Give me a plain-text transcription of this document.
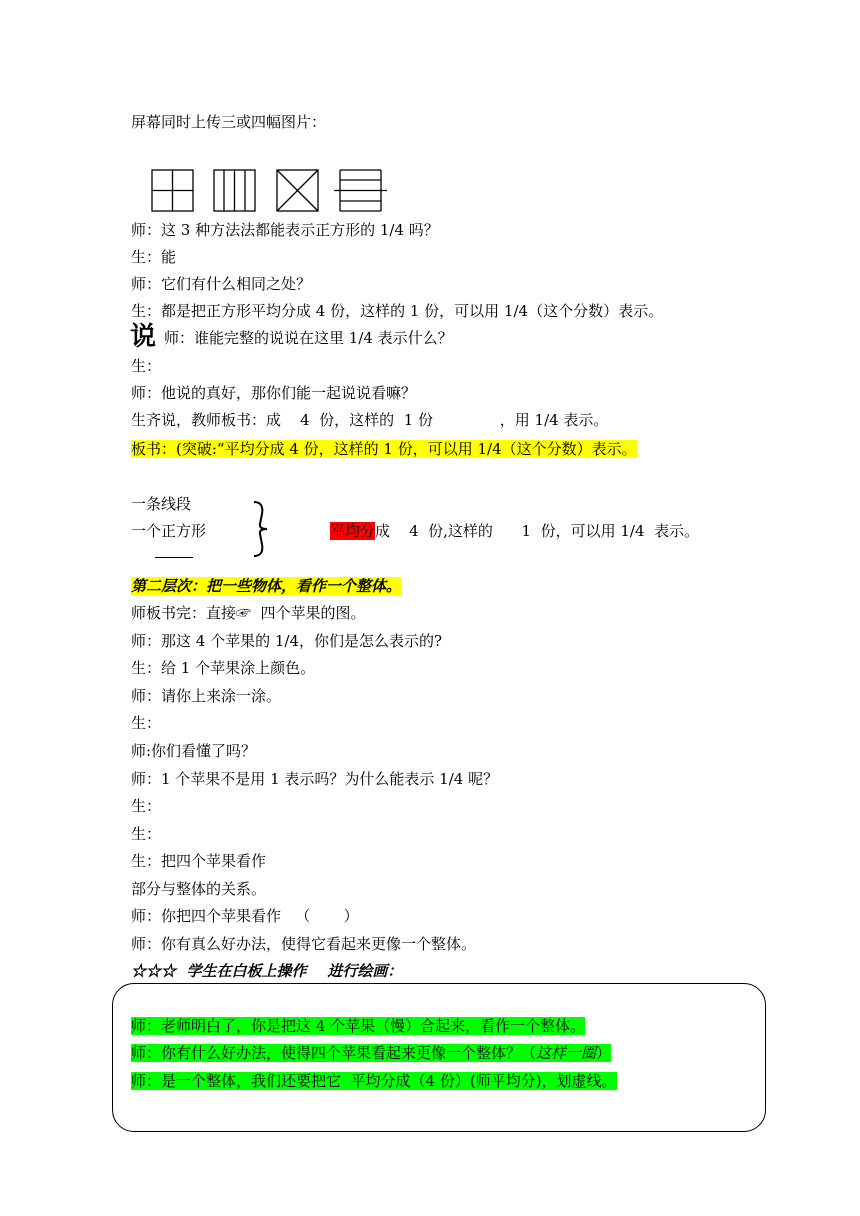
屏幕同时上传三或四幅图片：
师：这 3 种方法法都能表示正方形的 1/4 吗？
生：能
师：它们有什么相同之处？
生：都是把正方形平均分成 4 份，这样的 1 份，可以用 1/4（这个分数）表示。
说 师：谁能完整的说说在这里 1/4 表示什么？
生：
师：他说的真好，那你们能一起说说看嘛？
生齐说，教师板书：成    4  份，这样的  1 份              ，用 1/4 表示。
板书：(突破:“平均分成 4 份，这样的 1 份，可以用 1/4（这个分数）表示。
一条线段
一个正方形	平均分成    4  份,这样的      1  份，可以用 1/4  表示。
第二层次：把一些物体，看作一个整体。
师板书完：直接☞  四个苹果的图。
师：那这 4 个苹果的 1/4，你们是怎么表示的?
生：给 1 个苹果涂上颜色。
师：请你上来涂一涂。
生：
师:你们看懂了吗？
师：1 个苹果不是用 1 表示吗？为什么能表示 1/4 呢？
生：
生：
生：把四个苹果看作
部分与整体的关系。
师：你把四个苹果看作   （       ）
师：你有真么好办法，使得它看起来更像一个整体。
☆☆☆  学生在白板上操作    进行绘画：
师：老师明白了，你是把这 4 个苹果（慢）合起来，看作一个整体。
师：你有什么好办法，使得四个苹果看起来更像一个整体？（这样一圈）
师：是一个整体，我们还要把它  平均分成（4 份）(师平均分)，划虚线。
